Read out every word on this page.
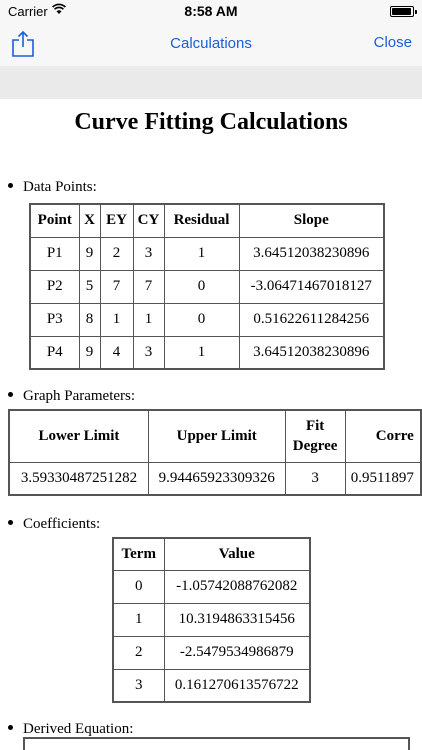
Carrier	8:58 AM
Calculations	Close
Curve Fitting Calculations
Data Points:
Point	X	EY	CY	Residual	Slope
P1	9	2	3	1	3.64512038230896
P2	5	7	7	0	-3.06471467018127
P3	8	1	1	0	0.51622611284256
P4	9	4	3	1	3.64512038230896
Graph Parameters:
Lower Limit	Upper Limit	Fit Degree	Corre
3.59330487251282	9.94465923309326	3	0.9511897
Coefficients:
Term	Value
0	-1.05742088762082
1	10.3194863315456
2	-2.5479534986879
3	0.161270613576722
Derived Equation:
